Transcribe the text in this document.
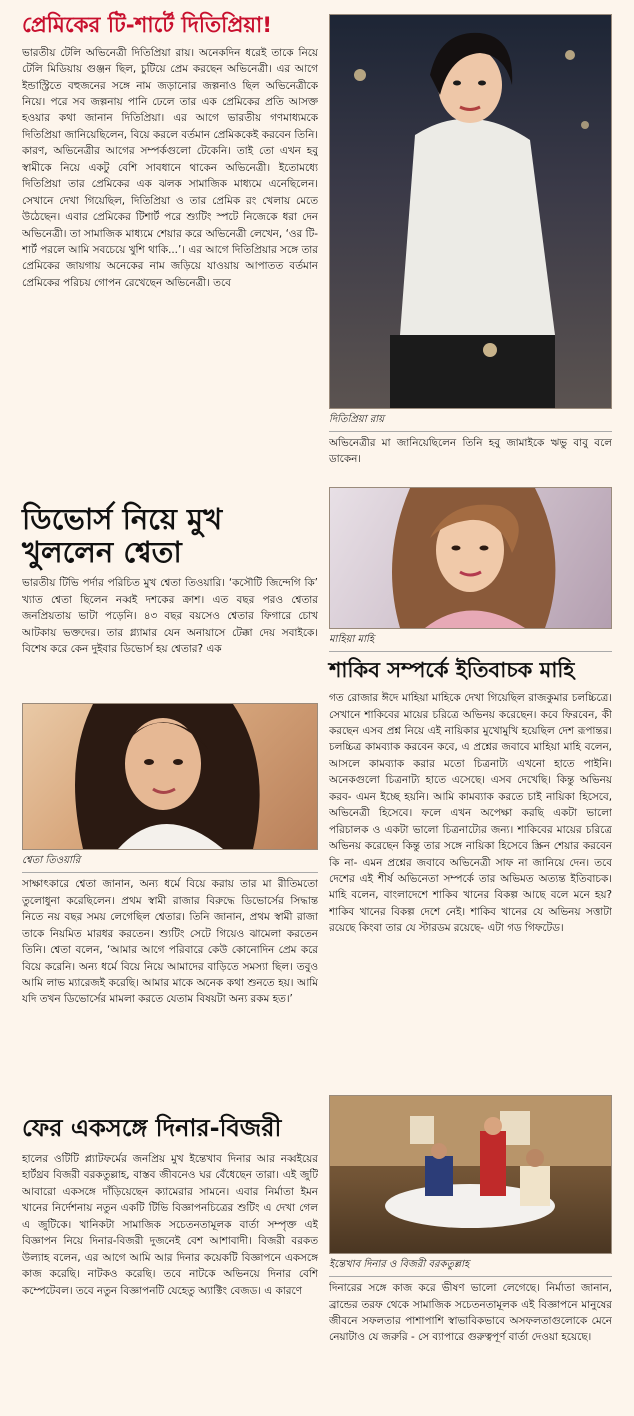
প্রেমিকের টি-শার্টে দিতিপ্রিয়া!

ভারতীয় টেলি অভিনেত্রী দিতিপ্রিয়া রায়। অনেকদিন ধরেই তাকে নিয়ে টেলি মিডিয়ায় গুঞ্জন ছিল, চুটিয়ে প্রেম করছেন অভিনেত্রী। এর আগে ইন্ডাস্ট্রিতে বহুজনের সঙ্গে নাম জড়ানোর জল্পনাও ছিল অভিনেত্রীকে নিয়ে। পরে সব জল্পনায় পানি ঢেলে তার এক প্রেমিকের প্রতি আসক্ত হওয়ার কথা জানান দিতিপ্রিয়া। এর আগে ভারতীয় গণমাধ্যমকে দিতিপ্রিয়া জানিয়েছিলেন, বিয়ে করলে বর্তমান প্রেমিককেই করবেন তিনি। কারণ, অভিনেত্রীর আগের সম্পর্কগুলো টেকেনি। তাই তো এখন হবু স্বামীকে নিয়ে একটু বেশি সাবধানে থাকেন অভিনেত্রী। ইতোমধ্যে দিতিপ্রিয়া তার প্রেমিকের এক ঝলক সামাজিক মাধ্যমে এনেছিলেন। সেখানে দেখা গিয়েছিল, দিতিপ্রিয়া ও তার প্রেমিক রং খেলায় মেতে উঠেছেন। এবার প্রেমিকের টিশার্ট পরে শ্যুটিং স্পটে নিজেকে ধরা দেন অভিনেত্রী। তা সামাজিক মাধ্যমে শেয়ার করে অভিনেত্রী লেখেন, ‘ওর টি-শার্ট পরলে আমি সবচেয়ে খুশি থাকি...’। এর আগে দিতিপ্রিয়ার সঙ্গে তার প্রেমিকের জায়গায় অনেকের নাম জড়িয়ে যাওয়ায় আপাতত বর্তমান প্রেমিকের পরিচয় গোপন রেখেছেন অভিনেত্রী। তবে

ডিভোর্স নিয়ে মুখ খুললেন শ্বেতা

ভারতীয় টিভি পর্দার পরিচিত মুখ শ্বেতা তিওয়ারি। ‘কসৌটি জিন্দেগি কি’ খ্যাত শ্বেতা ছিলেন নব্বই দশকের ক্রাশ। এত বছর পরও শ্বেতার জনপ্রিয়তায় ভাটা পড়েনি। ৪৩ বছর বয়সেও শ্বেতার ফিগারে চোখ আটকায় ভক্তদের। তার গ্ল্যামার যেন অনায়াসে টেক্কা দেয় সবাইকে। বিশেষ করে কেন দুইবার ডিভোর্স হয় শ্বেতার? এক

শ্বেতা তিওয়ারি

সাক্ষাৎকারে শ্বেতা জানান, অন্য ধর্মে বিয়ে করায় তার মা রীতিমতো তুলোধুনা করেছিলেন। প্রথম স্বামী রাজার বিরুদ্ধে ডিভোর্সের সিদ্ধান্ত নিতে নয় বছর সময় লেগেছিল শ্বেতার। তিনি জানান, প্রথম স্বামী রাজা তাকে নিয়মিত মারধর করতেন। শ্যুটিং সেটে গিয়েও ঝামেলা করতেন তিনি। শ্বেতা বলেন, ‘আমার আগে পরিবারে কেউ কোনোদিন প্রেম করে বিয়ে করেনি। অন্য ধর্মে বিয়ে নিয়ে আমাদের বাড়িতে সমস্যা ছিল। তবুও আমি লাভ ম্যারেজই করেছি। আমার মাকে অনেক কথা শুনতে হয়। আমি যদি তখন ডিভোর্সের মামলা করতে যেতাম বিষয়টা অন্য রকম হত।’

ফের একসঙ্গে দিনার-বিজরী

হালের ওটিটি প্ল্যাটফর্মের জনপ্রিয় মুখ ইন্তেখাব দিনার আর নব্বইয়ের হার্টথ্রব বিজরী বরকতুল্লাহ, বাস্তব জীবনেও ঘর বেঁধেছেন তারা। এই জুটি আবারো একসঙ্গে দাঁড়িয়েছেন ক্যামেরার সামনে। এবার নির্মাতা ইমন খানের নির্দেশনায় নতুন একটি টিভি বিজ্ঞাপনচিত্রের শুটিং এ দেখা গেল এ জুটিকে। খানিকটা সামাজিক সচেতনতামূলক বার্তা সম্পৃক্ত এই বিজ্ঞাপন নিয়ে দিনার-বিজরী দুজনেই বেশ আশাবাদী। বিজরী বরকত উল্যাহ বলেন, এর আগে আমি আর দিনার কয়েকটি বিজ্ঞাপনে একসঙ্গে কাজ করেছি। নাটকও করেছি। তবে নাটকে অভিনয়ে দিনার বেশি কম্পেটেবল। তবে নতুন বিজ্ঞাপনটি যেহেতু অ্যাক্টিং বেজড। এ কারণে

দিতিপ্রিয়া রায়

অভিনেত্রীর মা জানিয়েছিলেন তিনি হবু জামাইকে ঋভু বাবু বলে ডাকেন।

মাহিয়া মাহি

শাকিব সম্পর্কে ইতিবাচক মাহি

গত রোজার ঈদে মাহিয়া মাহিকে দেখা গিয়েছিল রাজকুমার চলচ্চিত্রে। সেখানে শাকিবের মায়ের চরিত্রে অভিনয় করেছেন। কবে ফিরবেন, কী করছেন এসব প্রশ্ন নিয়ে এই নায়িকার মুখোমুখি হয়েছিল দেশ রূপান্তর। চলচ্চিত্র কামব্যাক করবেন কবে, এ প্রশ্নের জবাবে মাহিয়া মাহি বলেন, আসলে কামব্যাক করার মতো চিত্রনাট্য এখনো হাতে পাইনি। অনেকগুলো চিত্রনাট্য হাতে এসেছে। এসব দেখেছি। কিন্তু অভিনয় করব- এমন ইচ্ছে হয়নি। আমি কামব্যাক করতে চাই নায়িকা হিসেবে, অভিনেত্রী হিসেবে। ফলে এখন অপেক্ষা করছি একটা ভালো পরিচালক ও একটা ভালো চিত্রনাট্যের জন্য। শাকিবের মায়ের চরিত্রে অভিনয় করেছেন কিন্তু তার সঙ্গে নায়িকা হিসেবে স্ক্রিন শেয়ার করবেন কি না- এমন প্রশ্নের জবাবে অভিনেত্রী সাফ না জানিয়ে দেন। তবে দেশের এই শীর্ষ অভিনেতা সম্পর্কে তার অভিমত অত্যন্ত ইতিবাচক। মাহি বলেন, বাংলাদেশে শাকিব খানের বিকল্প আছে বলে মনে হয়? শাকিব খানের বিকল্প দেশে নেই। শাকিব খানের যে অভিনয় সত্তাটা রয়েছে কিংবা তার যে স্টারডম রয়েছে- এটা গড গিফটেড।

ইন্তেখাব দিনার ও বিজরী বরকতুল্লাহ

দিনারের সঙ্গে কাজ করে ভীষণ ভালো লেগেছে। নির্মাতা জানান, ব্রান্ডের তরফ থেকে সামাজিক সচেতনতামূলক এই বিজ্ঞাপনে মানুষের জীবনে সফলতার পাশাপাশি স্বাভাবিকভাবে অসফলতাগুলোকে মেনে নেয়াটাও যে জরুরি - সে ব্যাপারে গুরুত্বপূর্ণ বার্তা দেওয়া হয়েছে।
